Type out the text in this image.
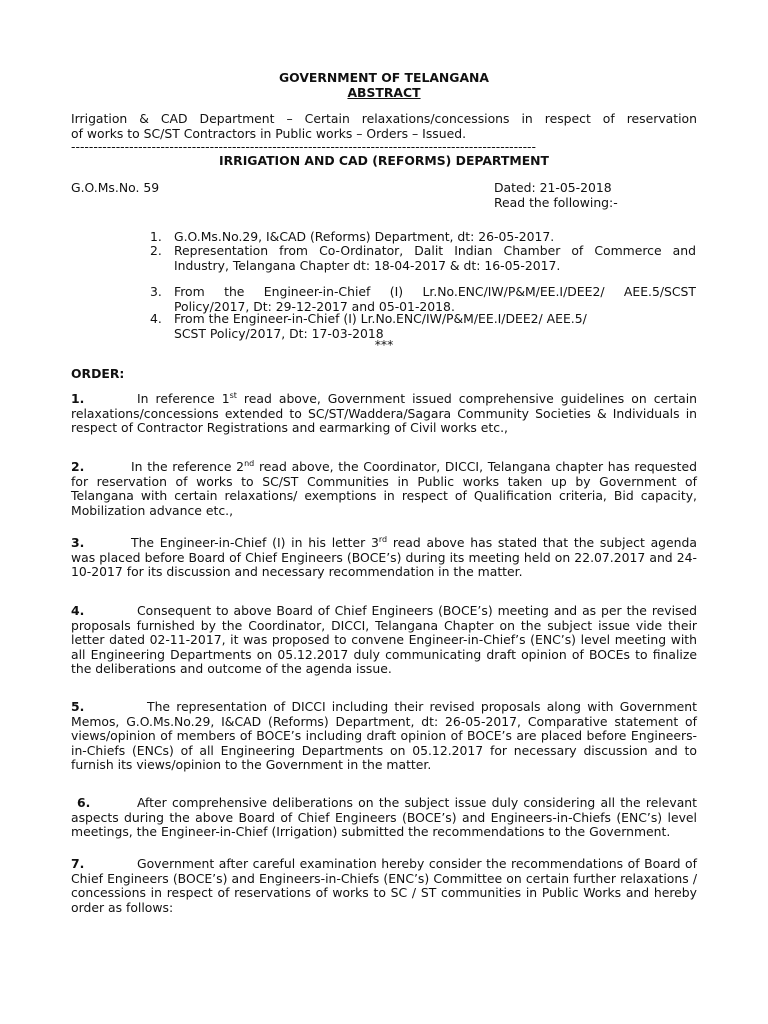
GOVERNMENT OF TELANGANA
ABSTRACT
Irrigation & CAD Department – Certain relaxations/concessions in respect of reservation
of works to SC/ST Contractors in Public works – Orders – Issued.
--------------------------------------------------------------------------------------------------------
IRRIGATION AND CAD (REFORMS) DEPARTMENT
G.O.Ms.No. 59	Dated: 21-05-2018
Read the following:-
1. G.O.Ms.No.29, I&CAD (Reforms) Department, dt: 26-05-2017.
2. Representation from Co-Ordinator, Dalit Indian Chamber of Commerce and Industry, Telangana Chapter dt: 18-04-2017 & dt: 16-05-2017.
3. From the Engineer-in-Chief (I) Lr.No.ENC/IW/P&M/EE.I/DEE2/ AEE.5/SCST Policy/2017, Dt: 29-12-2017 and 05-01-2018.
4. From the Engineer-in-Chief (I) Lr.No.ENC/IW/P&M/EE.I/DEE2/ AEE.5/ SCST Policy/2017, Dt: 17-03-2018
***
ORDER:
1.	In reference 1st read above, Government issued comprehensive guidelines on certain relaxations/concessions extended to SC/ST/Waddera/Sagara Community Societies & Individuals in respect of Contractor Registrations and earmarking of Civil works etc.,
2.	In the reference 2nd read above, the Coordinator, DICCI, Telangana chapter has requested for reservation of works to SC/ST Communities in Public works taken up by Government of Telangana with certain relaxations/ exemptions in respect of Qualification criteria, Bid capacity, Mobilization advance etc.,
3.	The Engineer-in-Chief (I) in his letter 3rd read above has stated that the subject agenda was placed before Board of Chief Engineers (BOCE’s) during its meeting held on 22.07.2017 and 24-10-2017 for its discussion and necessary recommendation in the matter.
4.	Consequent to above Board of Chief Engineers (BOCE’s) meeting and as per the revised proposals furnished by the Coordinator, DICCI, Telangana Chapter on the subject issue vide their letter dated 02-11-2017, it was proposed to convene Engineer-in-Chief’s (ENC’s) level meeting with all Engineering Departments on 05.12.2017 duly communicating draft opinion of BOCEs to finalize the deliberations and outcome of the agenda issue.
5.	The representation of DICCI including their revised proposals along with Government Memos, G.O.Ms.No.29, I&CAD (Reforms) Department, dt: 26-05-2017, Comparative statement of views/opinion of members of BOCE’s including draft opinion of BOCE’s are placed before Engineers-in-Chiefs (ENCs) of all Engineering Departments on 05.12.2017 for necessary discussion and to furnish its views/opinion to the Government in the matter.
6.	After comprehensive deliberations on the subject issue duly considering all the relevant aspects during the above Board of Chief Engineers (BOCE’s) and Engineers-in-Chiefs (ENC’s) level meetings, the Engineer-in-Chief (Irrigation) submitted the recommendations to the Government.
7.	Government after careful examination hereby consider the recommendations of Board of Chief Engineers (BOCE’s) and Engineers-in-Chiefs (ENC’s) Committee on certain further relaxations / concessions in respect of reservations of works to SC / ST communities in Public Works and hereby order as follows:
